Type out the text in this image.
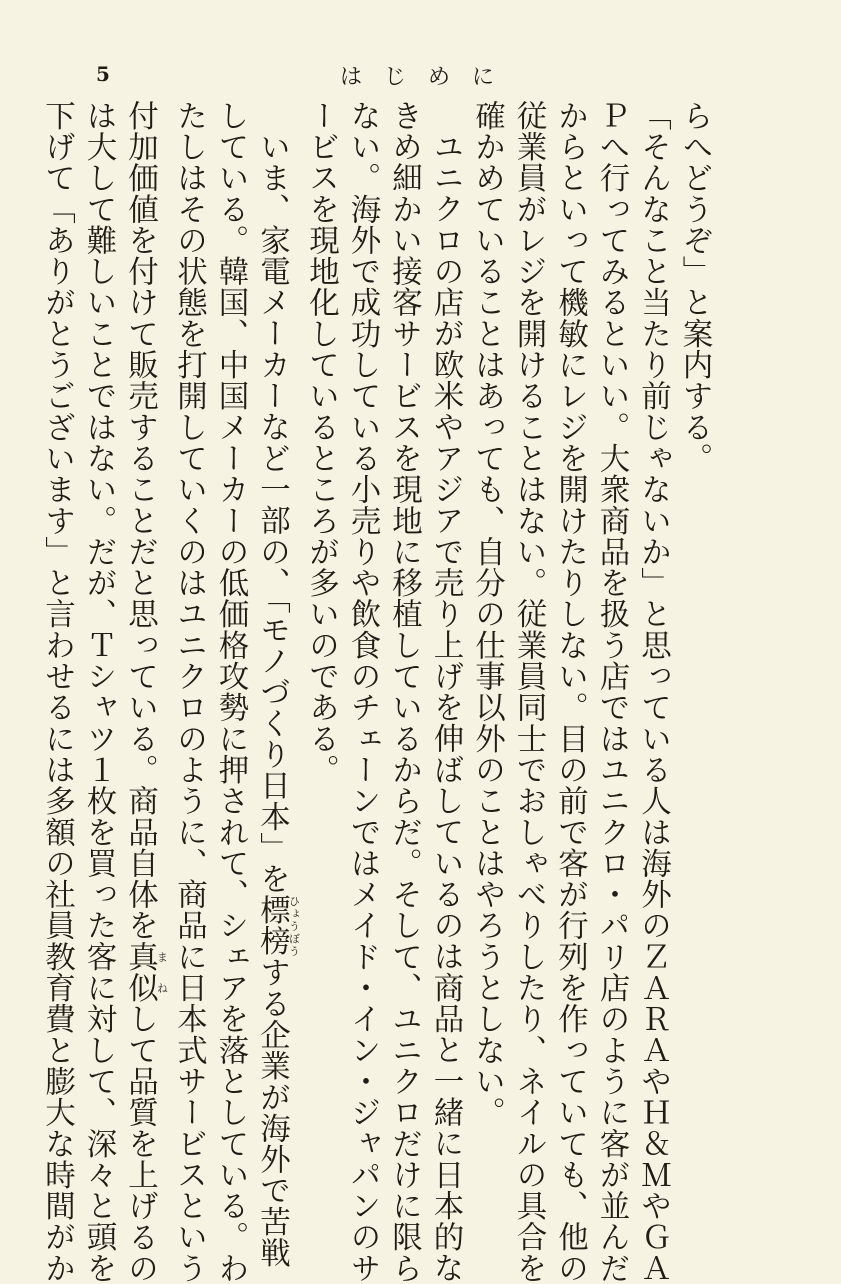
5	はじめに

らへどうぞ」と案内する。

「そんなこと当たり前じゃないか」と思っている人は海外のＺＡＲＡやＨ＆ＭやＧＡ

Ｐへ行ってみるといい。大衆商品を扱う店ではユニクロ・パリ店のように客が並んだ

からといって機敏にレジを開けたりしない。目の前で客が行列を作っていても、他の

従業員がレジを開けることはない。従業員同士でおしゃべりしたり、ネイルの具合を

確かめていることはあっても、自分の仕事以外のことはやろうとしない。

ユニクロの店が欧米やアジアで売り上げを伸ばしているのは商品と一緒に日本的な

きめ細かい接客サービスを現地に移植しているからだ。そして、ユニクロだけに限ら

ない。海外で成功している小売りや飲食のチェーンではメイド・イン・ジャパンのサ

ービスを現地化しているところが多いのである。

いま、家電メーカーなど一部の、「モノづくり日本」を標榜ひょうぼうする企業が海外で苦戦

している。韓国、中国メーカーの低価格攻勢に押されて、シェアを落としている。わ

たしはその状態を打開していくのはユニクロのように、商品に日本式サービスという

付加価値を付けて販売することだと思っている。商品自体を真似まねして品質を上げるの

は大して難しいことではない。だが、Ｔシャツ１枚を買った客に対して、深々と頭を

下げて「ありがとうございます」と言わせるには多額の社員教育費と膨大な時間がか
